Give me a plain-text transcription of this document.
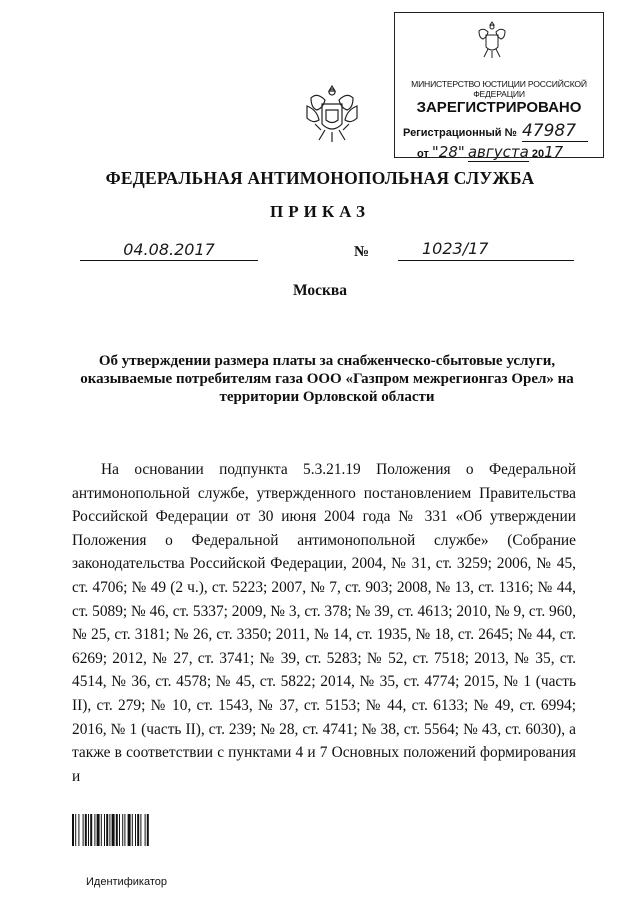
МИНИСТЕРСТВО ЮСТИЦИИ РОССИЙСКОЙ ФЕДЕРАЦИИ
ЗАРЕГИСТРИРОВАНО
Регистрационный № 47987
от "28" августа 2017
ФЕДЕРАЛЬНАЯ АНТИМОНОПОЛЬНАЯ СЛУЖБА
ПРИКАЗ
04.08.2017	№	1023/17
Москва
Об утверждении размера платы за снабженческо-сбытовые услуги,
оказываемые потребителям газа ООО «Газпром межрегионгаз Орел» на
территории Орловской области
На основании подпункта 5.3.21.19 Положения о Федеральной антимонопольной службе, утвержденного постановлением Правительства Российской Федерации от 30 июня 2004 года № 331 «Об утверждении Положения о Федеральной антимонопольной службе» (Собрание законодательства Российской Федерации, 2004, № 31, ст. 3259; 2006, № 45, ст. 4706; № 49 (2 ч.), ст. 5223; 2007, № 7, ст. 903; 2008, № 13, ст. 1316; № 44, ст. 5089; № 46, ст. 5337; 2009, № 3, ст. 378; № 39, ст. 4613; 2010, № 9, ст. 960, № 25, ст. 3181; № 26, ст. 3350; 2011, № 14, ст. 1935, № 18, ст. 2645; № 44, ст. 6269; 2012, № 27, ст. 3741; № 39, ст. 5283; № 52, ст. 7518; 2013, № 35, ст. 4514, № 36, ст. 4578; № 45, ст. 5822; 2014, № 35, ст. 4774; 2015, № 1 (часть II), ст. 279; № 10, ст. 1543, № 37, ст. 5153; № 44, ст. 6133; № 49, ст. 6994; 2016, № 1 (часть II), ст. 239; № 28, ст. 4741; № 38, ст. 5564; № 43, ст. 6030), а также в соответствии с пунктами 4 и 7 Основных положений формирования и
Идентификатор
